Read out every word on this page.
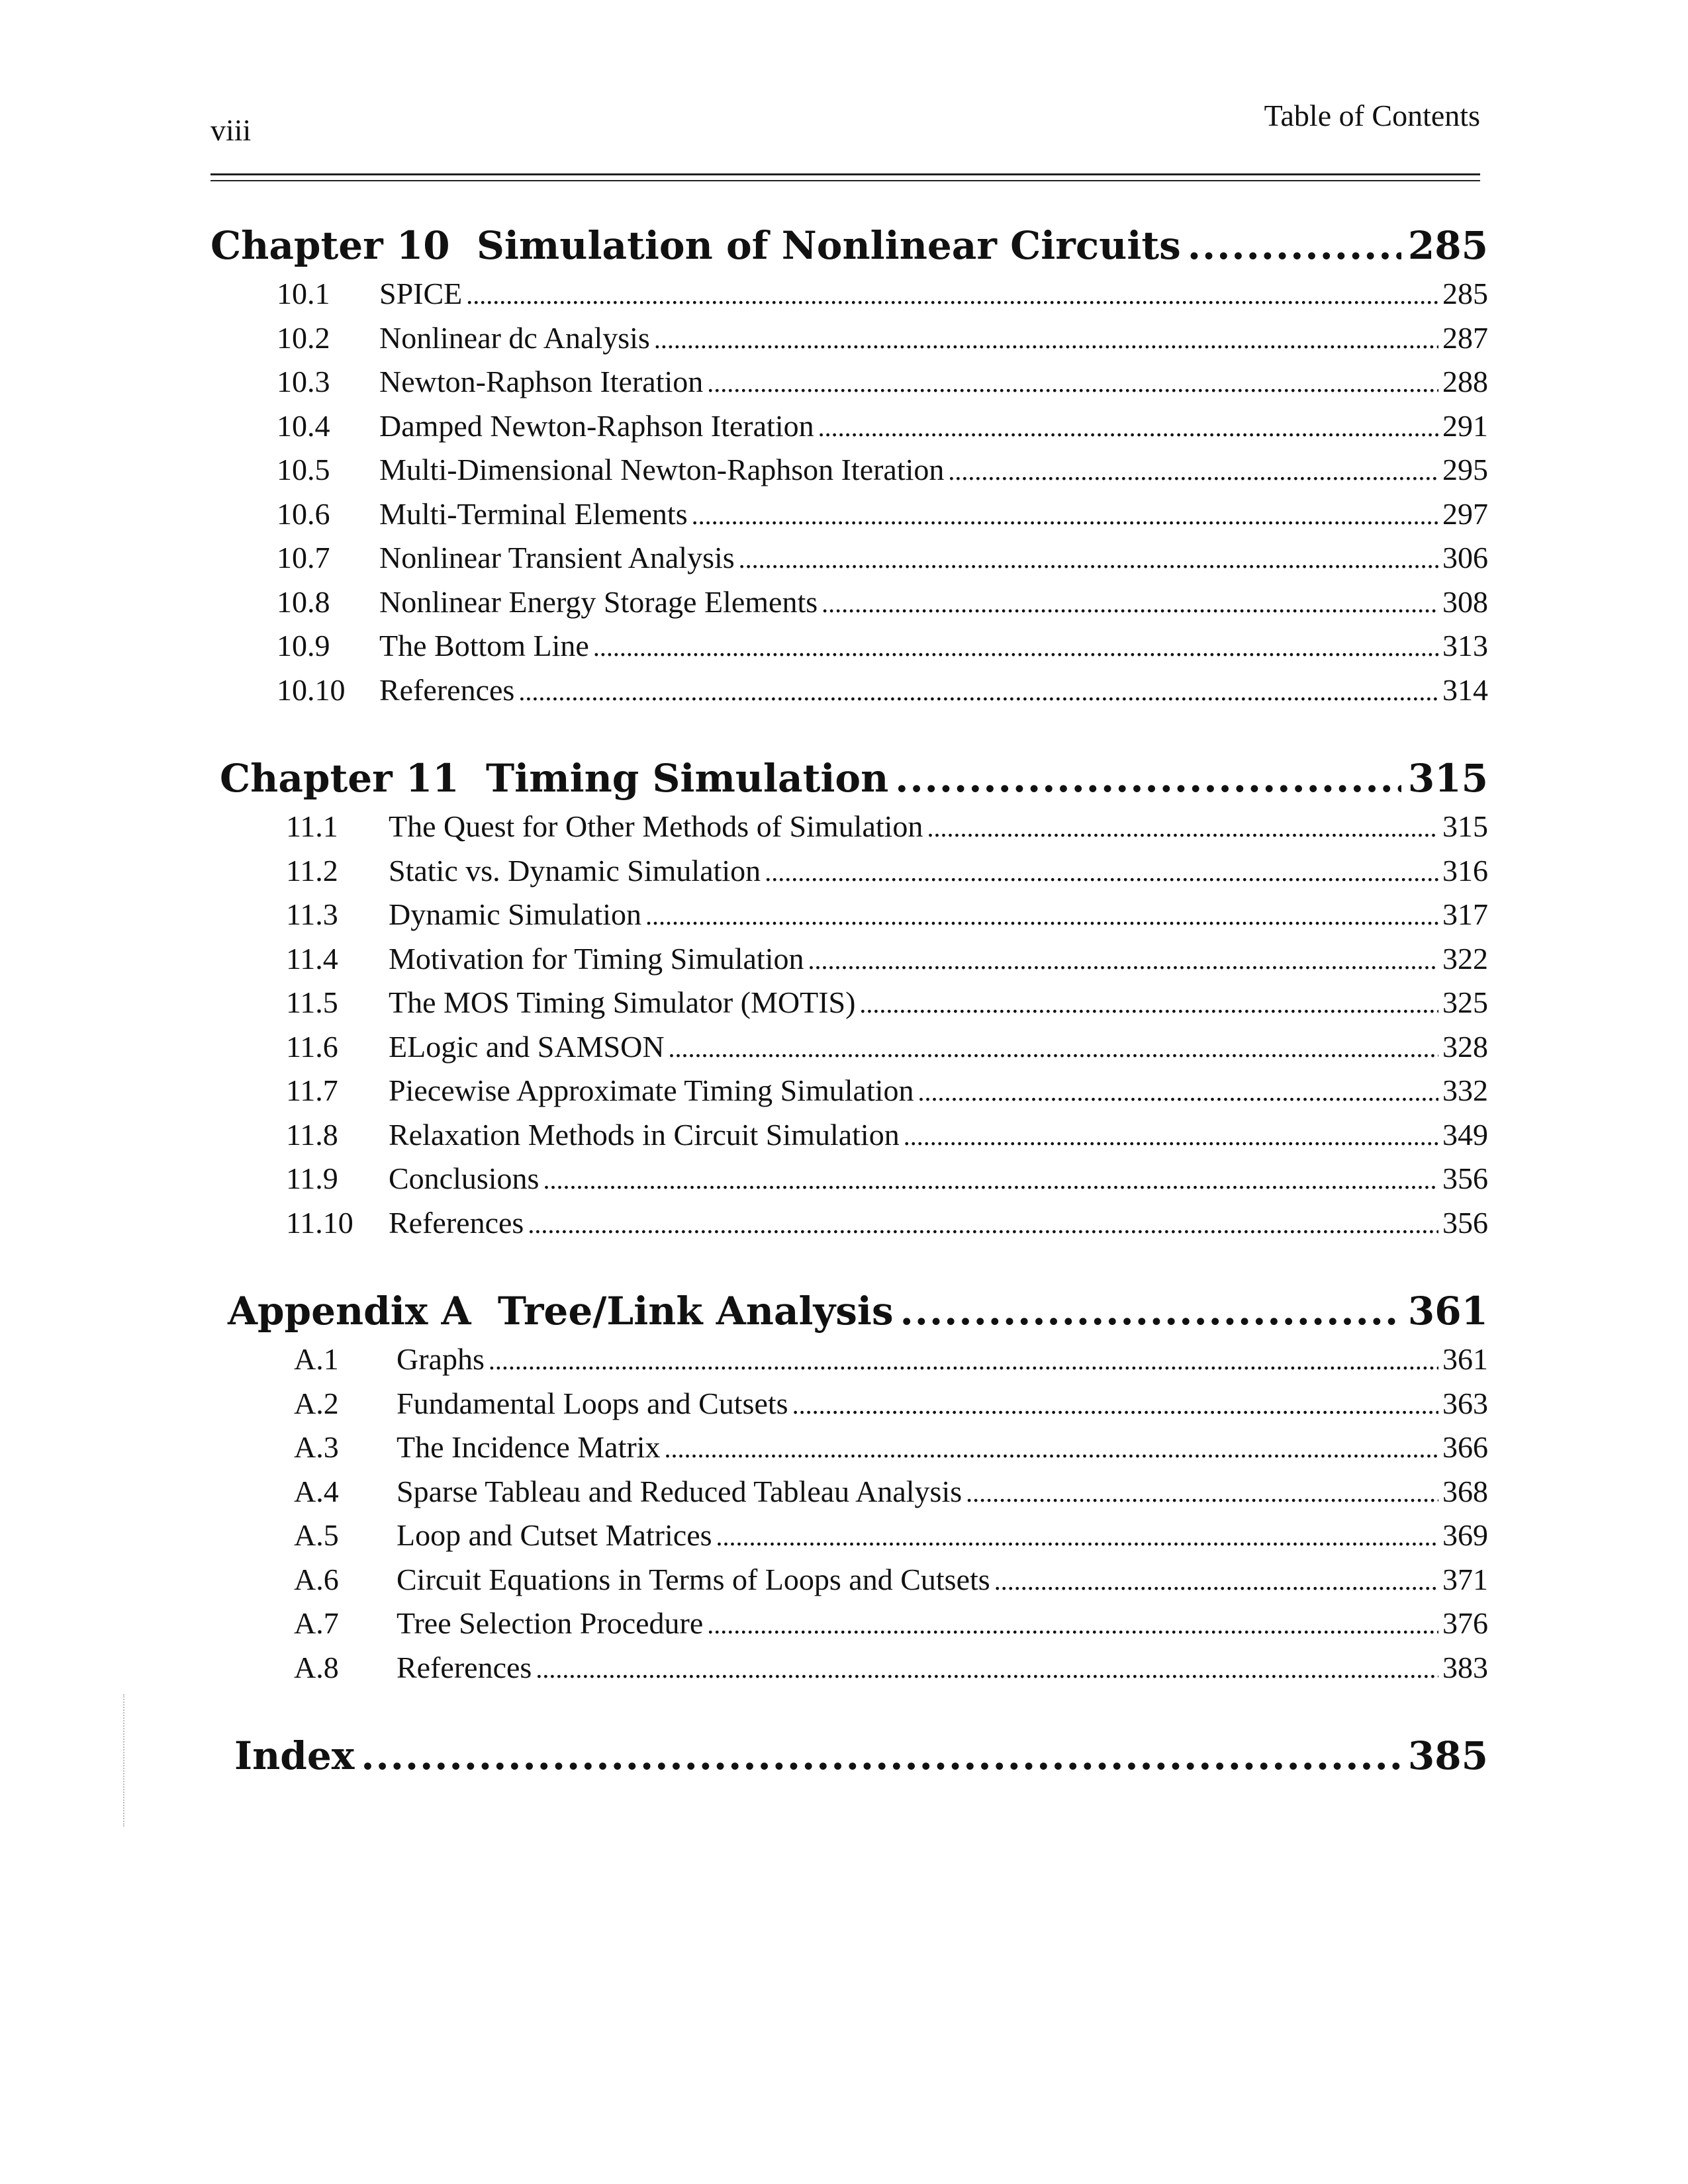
viii	Table of Contents
Chapter 10  Simulation of Nonlinear Circuits .....	285
10.1	SPICE .....	285
10.2	Nonlinear dc Analysis .....	287
10.3	Newton-Raphson Iteration .....	288
10.4	Damped Newton-Raphson Iteration .....	291
10.5	Multi-Dimensional Newton-Raphson Iteration .....	295
10.6	Multi-Terminal Elements .....	297
10.7	Nonlinear Transient Analysis .....	306
10.8	Nonlinear Energy Storage Elements .....	308
10.9	The Bottom Line .....	313
10.10	References .....	314
Chapter 11  Timing Simulation .....	315
11.1	The Quest for Other Methods of Simulation .....	315
11.2	Static vs. Dynamic Simulation .....	316
11.3	Dynamic Simulation .....	317
11.4	Motivation for Timing Simulation .....	322
11.5	The MOS Timing Simulator (MOTIS) .....	325
11.6	ELogic and SAMSON .....	328
11.7	Piecewise Approximate Timing Simulation .....	332
11.8	Relaxation Methods in Circuit Simulation .....	349
11.9	Conclusions .....	356
11.10	References .....	356
Appendix A  Tree/Link Analysis .....	361
A.1	Graphs .....	361
A.2	Fundamental Loops and Cutsets .....	363
A.3	The Incidence Matrix .....	366
A.4	Sparse Tableau and Reduced Tableau Analysis .....	368
A.5	Loop and Cutset Matrices .....	369
A.6	Circuit Equations in Terms of Loops and Cutsets .....	371
A.7	Tree Selection Procedure .....	376
A.8	References .....	383
Index .....	385
